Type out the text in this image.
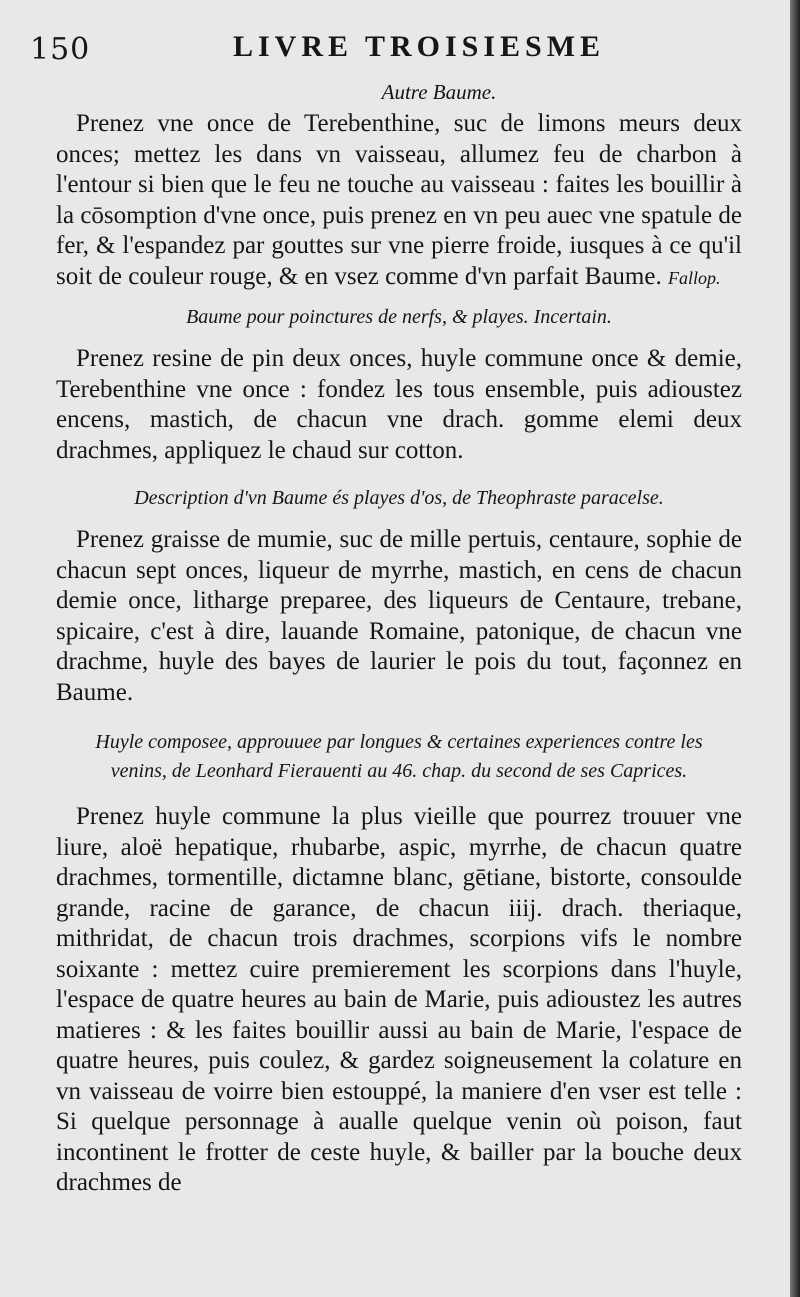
150	LIVRE TROISIESME
Autre Baume.

Prenez vne once de Terebenthine, suc de limons meurs deux onces; mettez les dans vn vaisseau, allumez feu de charbon à l'entour si bien que le feu ne touche au vaisseau : faites les bouillir à la cōsomption d'vne once, puis prenez en vn peu auec vne spatule de fer, & l'espandez par gouttes sur vne pierre froide, iusques à ce qu'il soit de couleur rouge, & en vsez comme d'vn parfait Baume. Fallop.

Baume pour poinctures de nerfs, & playes. Incertain.

Prenez resine de pin deux onces, huyle commune once & demie, Terebenthine vne once : fondez les tous ensemble, puis adioustez encens, mastich, de chacun vne drach. gomme elemi deux drachmes, appliquez le chaud sur cotton.

Description d'vn Baume és playes d'os, de Theophraste paracelse.

Prenez graisse de mumie, suc de mille pertuis, centaure, sophie de chacun sept onces, liqueur de myrrhe, mastich, en cens de chacun demie once, litharge preparee, des liqueurs de Centaure, trebane, spicaire, c'est à dire, lauande Romaine, patonique, de chacun vne drachme, huyle des bayes de laurier le pois du tout, façonnez en Baume.

Huyle composee, approuuee par longues & certaines experiences contre les venins, de Leonhard Fierauenti au 46. chap. du second de ses Caprices.

Prenez huyle commune la plus vieille que pourrez trouuer vne liure, aloë hepatique, rhubarbe, aspic, myrrhe, de chacun quatre drachmes, tormentille, dictamne blanc, gētiane, bistorte, consoulde grande, racine de garance, de chacun iiij. drach. theriaque, mithridat, de chacun trois drachmes, scorpions vifs le nombre soixante : mettez cuire premierement les scorpions dans l'huyle, l'espace de quatre heures au bain de Marie, puis adioustez les autres matieres : & les faites bouillir aussi au bain de Marie, l'espace de quatre heures, puis coulez, & gardez soigneusement la colature en vn vaisseau de voirre bien estouppé, la maniere d'en vser est telle : Si quelque personnage à aualle quelque venin où poison, faut incontinent le frotter de ceste huyle, & bailler par la bouche deux drachmes de
